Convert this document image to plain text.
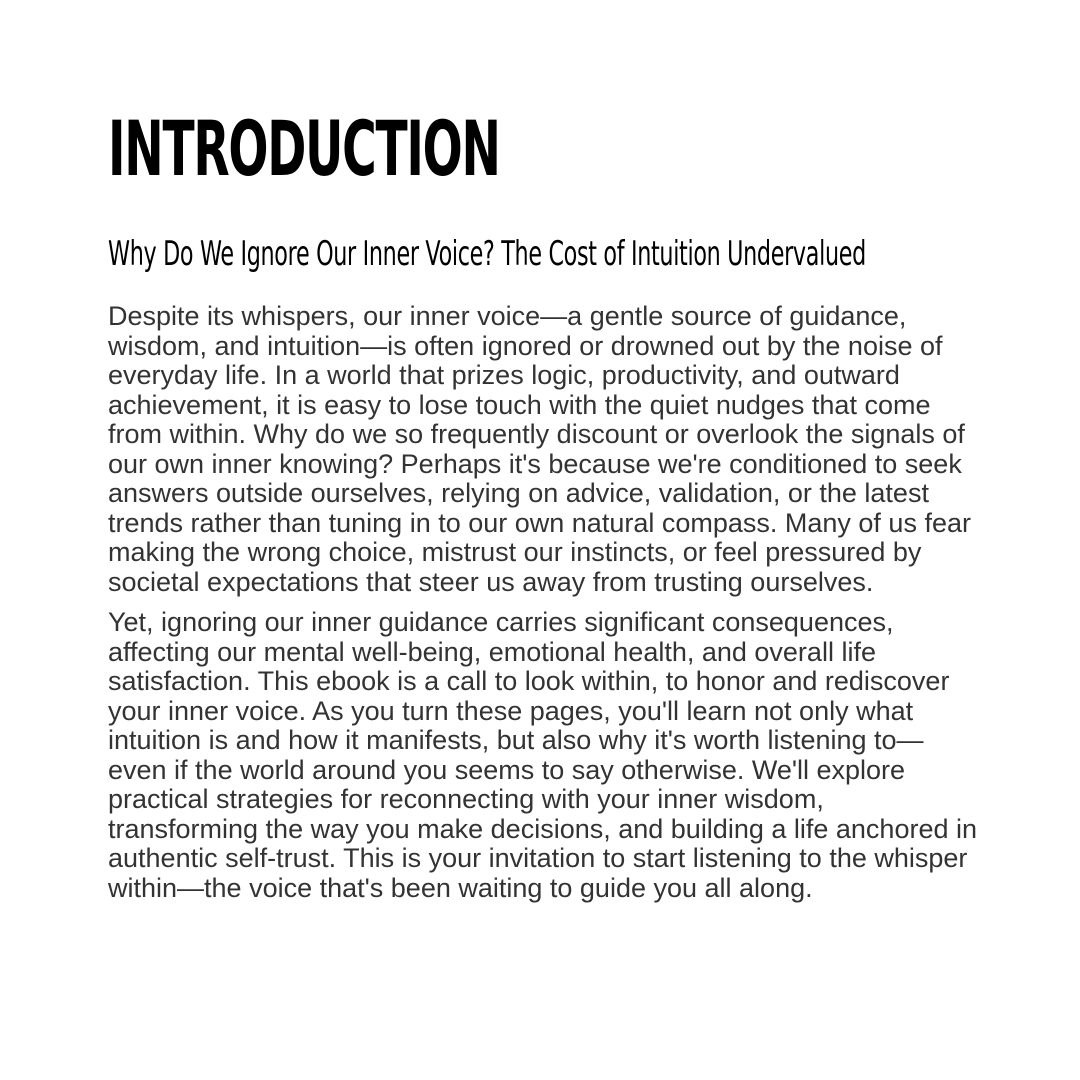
INTRODUCTION
Why Do We Ignore Our Inner Voice? The Cost of Intuition Undervalued

Despite its whispers, our inner voice—a gentle source of guidance, wisdom, and intuition—is often ignored or drowned out by the noise of everyday life. In a world that prizes logic, productivity, and outward achievement, it is easy to lose touch with the quiet nudges that come from within. Why do we so frequently discount or overlook the signals of our own inner knowing? Perhaps it's because we're conditioned to seek answers outside ourselves, relying on advice, validation, or the latest trends rather than tuning in to our own natural compass. Many of us fear making the wrong choice, mistrust our instincts, or feel pressured by societal expectations that steer us away from trusting ourselves.

Yet, ignoring our inner guidance carries significant consequences, affecting our mental well-being, emotional health, and overall life satisfaction. This ebook is a call to look within, to honor and rediscover your inner voice. As you turn these pages, you'll learn not only what intuition is and how it manifests, but also why it's worth listening to—even if the world around you seems to say otherwise. We'll explore practical strategies for reconnecting with your inner wisdom, transforming the way you make decisions, and building a life anchored in authentic self-trust. This is your invitation to start listening to the whisper within—the voice that's been waiting to guide you all along.
